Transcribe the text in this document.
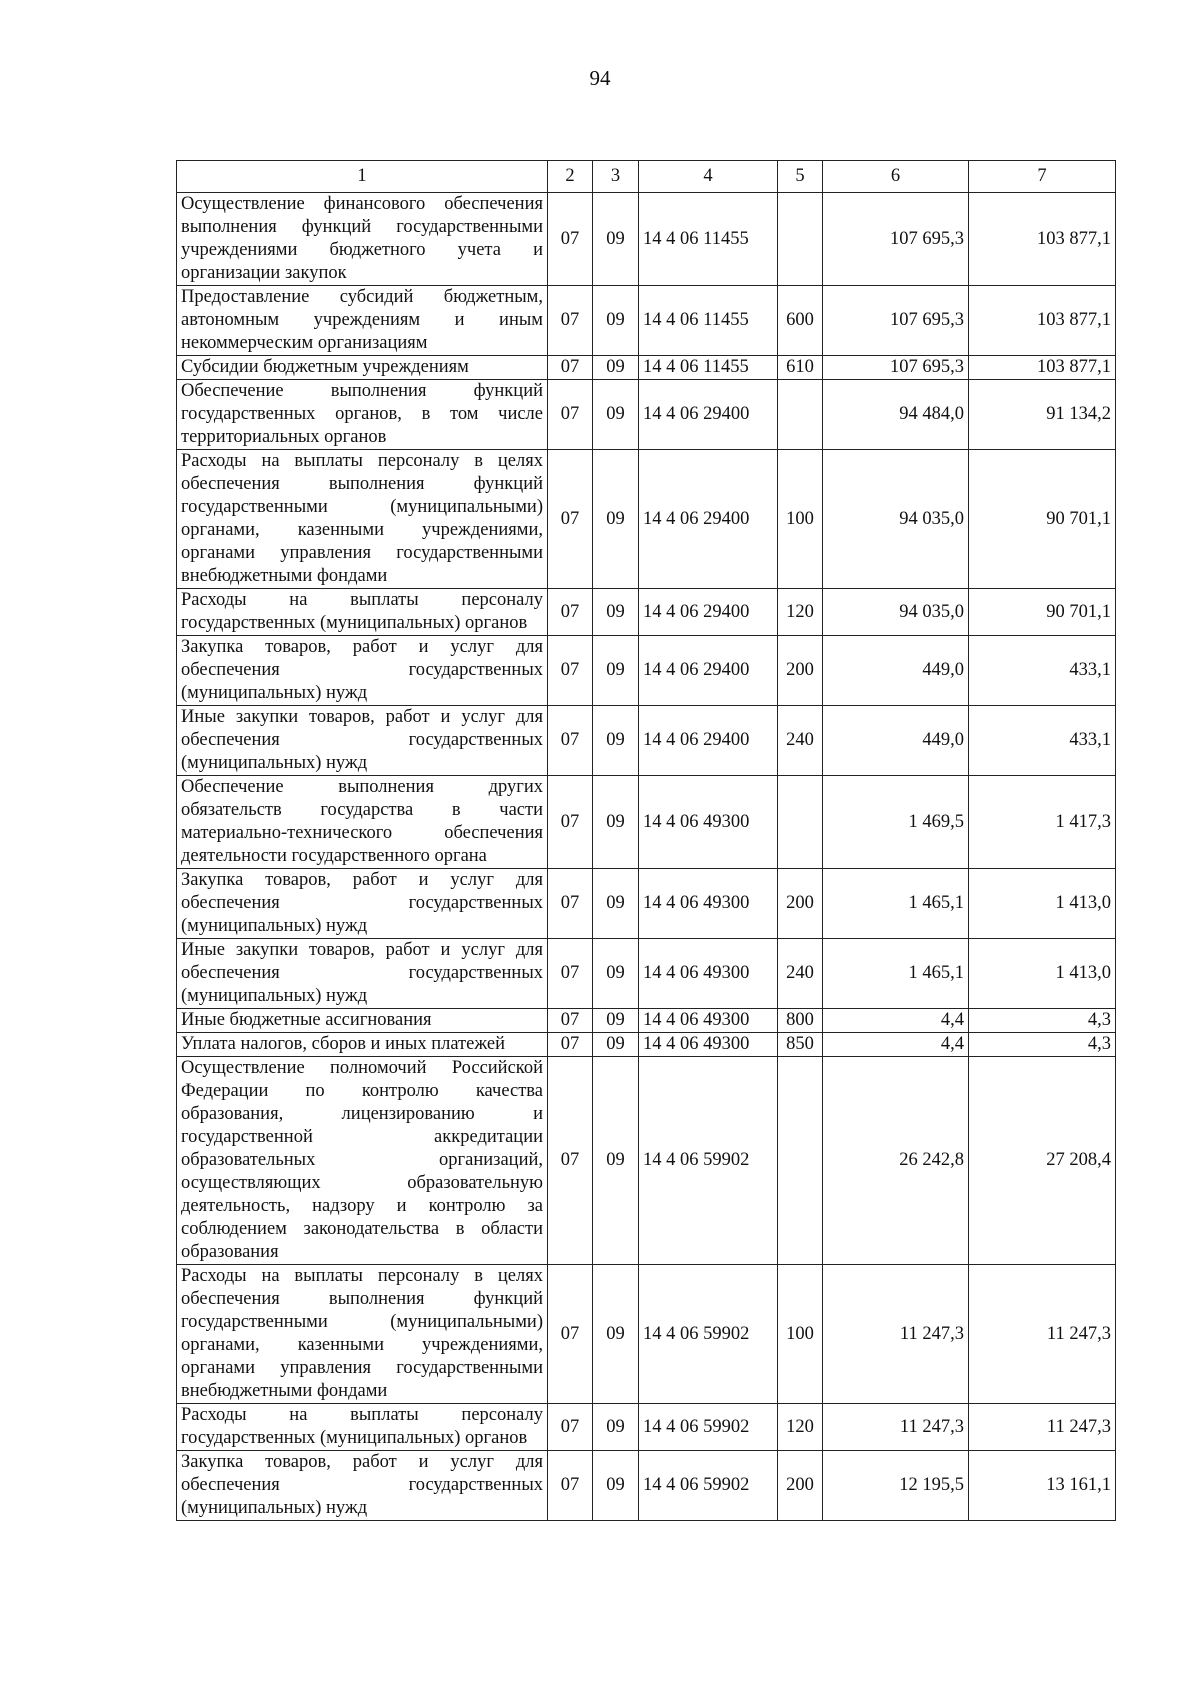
94
1	2	3	4	5	6	7
Осуществление финансового обеспечения выполнения функций государственными учреждениями бюджетного учета и организации закупок	07	09	14 4 06 11455		107 695,3	103 877,1
Предоставление субсидий бюджетным, автономным учреждениям и иным некоммерческим организациям	07	09	14 4 06 11455	600	107 695,3	103 877,1
Субсидии бюджетным учреждениям	07	09	14 4 06 11455	610	107 695,3	103 877,1
Обеспечение выполнения функций государственных органов, в том числе территориальных органов	07	09	14 4 06 29400		94 484,0	91 134,2
Расходы на выплаты персоналу в целях обеспечения выполнения функций государственными (муниципальными) органами, казенными учреждениями, органами управления государственными внебюджетными фондами	07	09	14 4 06 29400	100	94 035,0	90 701,1
Расходы на выплаты персоналу государственных (муниципальных) органов	07	09	14 4 06 29400	120	94 035,0	90 701,1
Закупка товаров, работ и услуг для обеспечения государственных (муниципальных) нужд	07	09	14 4 06 29400	200	449,0	433,1
Иные закупки товаров, работ и услуг для обеспечения государственных (муниципальных) нужд	07	09	14 4 06 29400	240	449,0	433,1
Обеспечение выполнения других обязательств государства в части материально-технического обеспечения деятельности государственного органа	07	09	14 4 06 49300		1 469,5	1 417,3
Закупка товаров, работ и услуг для обеспечения государственных (муниципальных) нужд	07	09	14 4 06 49300	200	1 465,1	1 413,0
Иные закупки товаров, работ и услуг для обеспечения государственных (муниципальных) нужд	07	09	14 4 06 49300	240	1 465,1	1 413,0
Иные бюджетные ассигнования	07	09	14 4 06 49300	800	4,4	4,3
Уплата налогов, сборов и иных платежей	07	09	14 4 06 49300	850	4,4	4,3
Осуществление полномочий Российской Федерации по контролю качества образования, лицензированию и государственной аккредитации образовательных организаций, осуществляющих образовательную деятельность, надзору и контролю за соблюдением законодательства в области образования	07	09	14 4 06 59902		26 242,8	27 208,4
Расходы на выплаты персоналу в целях обеспечения выполнения функций государственными (муниципальными) органами, казенными учреждениями, органами управления государственными внебюджетными фондами	07	09	14 4 06 59902	100	11 247,3	11 247,3
Расходы на выплаты персоналу государственных (муниципальных) органов	07	09	14 4 06 59902	120	11 247,3	11 247,3
Закупка товаров, работ и услуг для обеспечения государственных (муниципальных) нужд	07	09	14 4 06 59902	200	12 195,5	13 161,1
